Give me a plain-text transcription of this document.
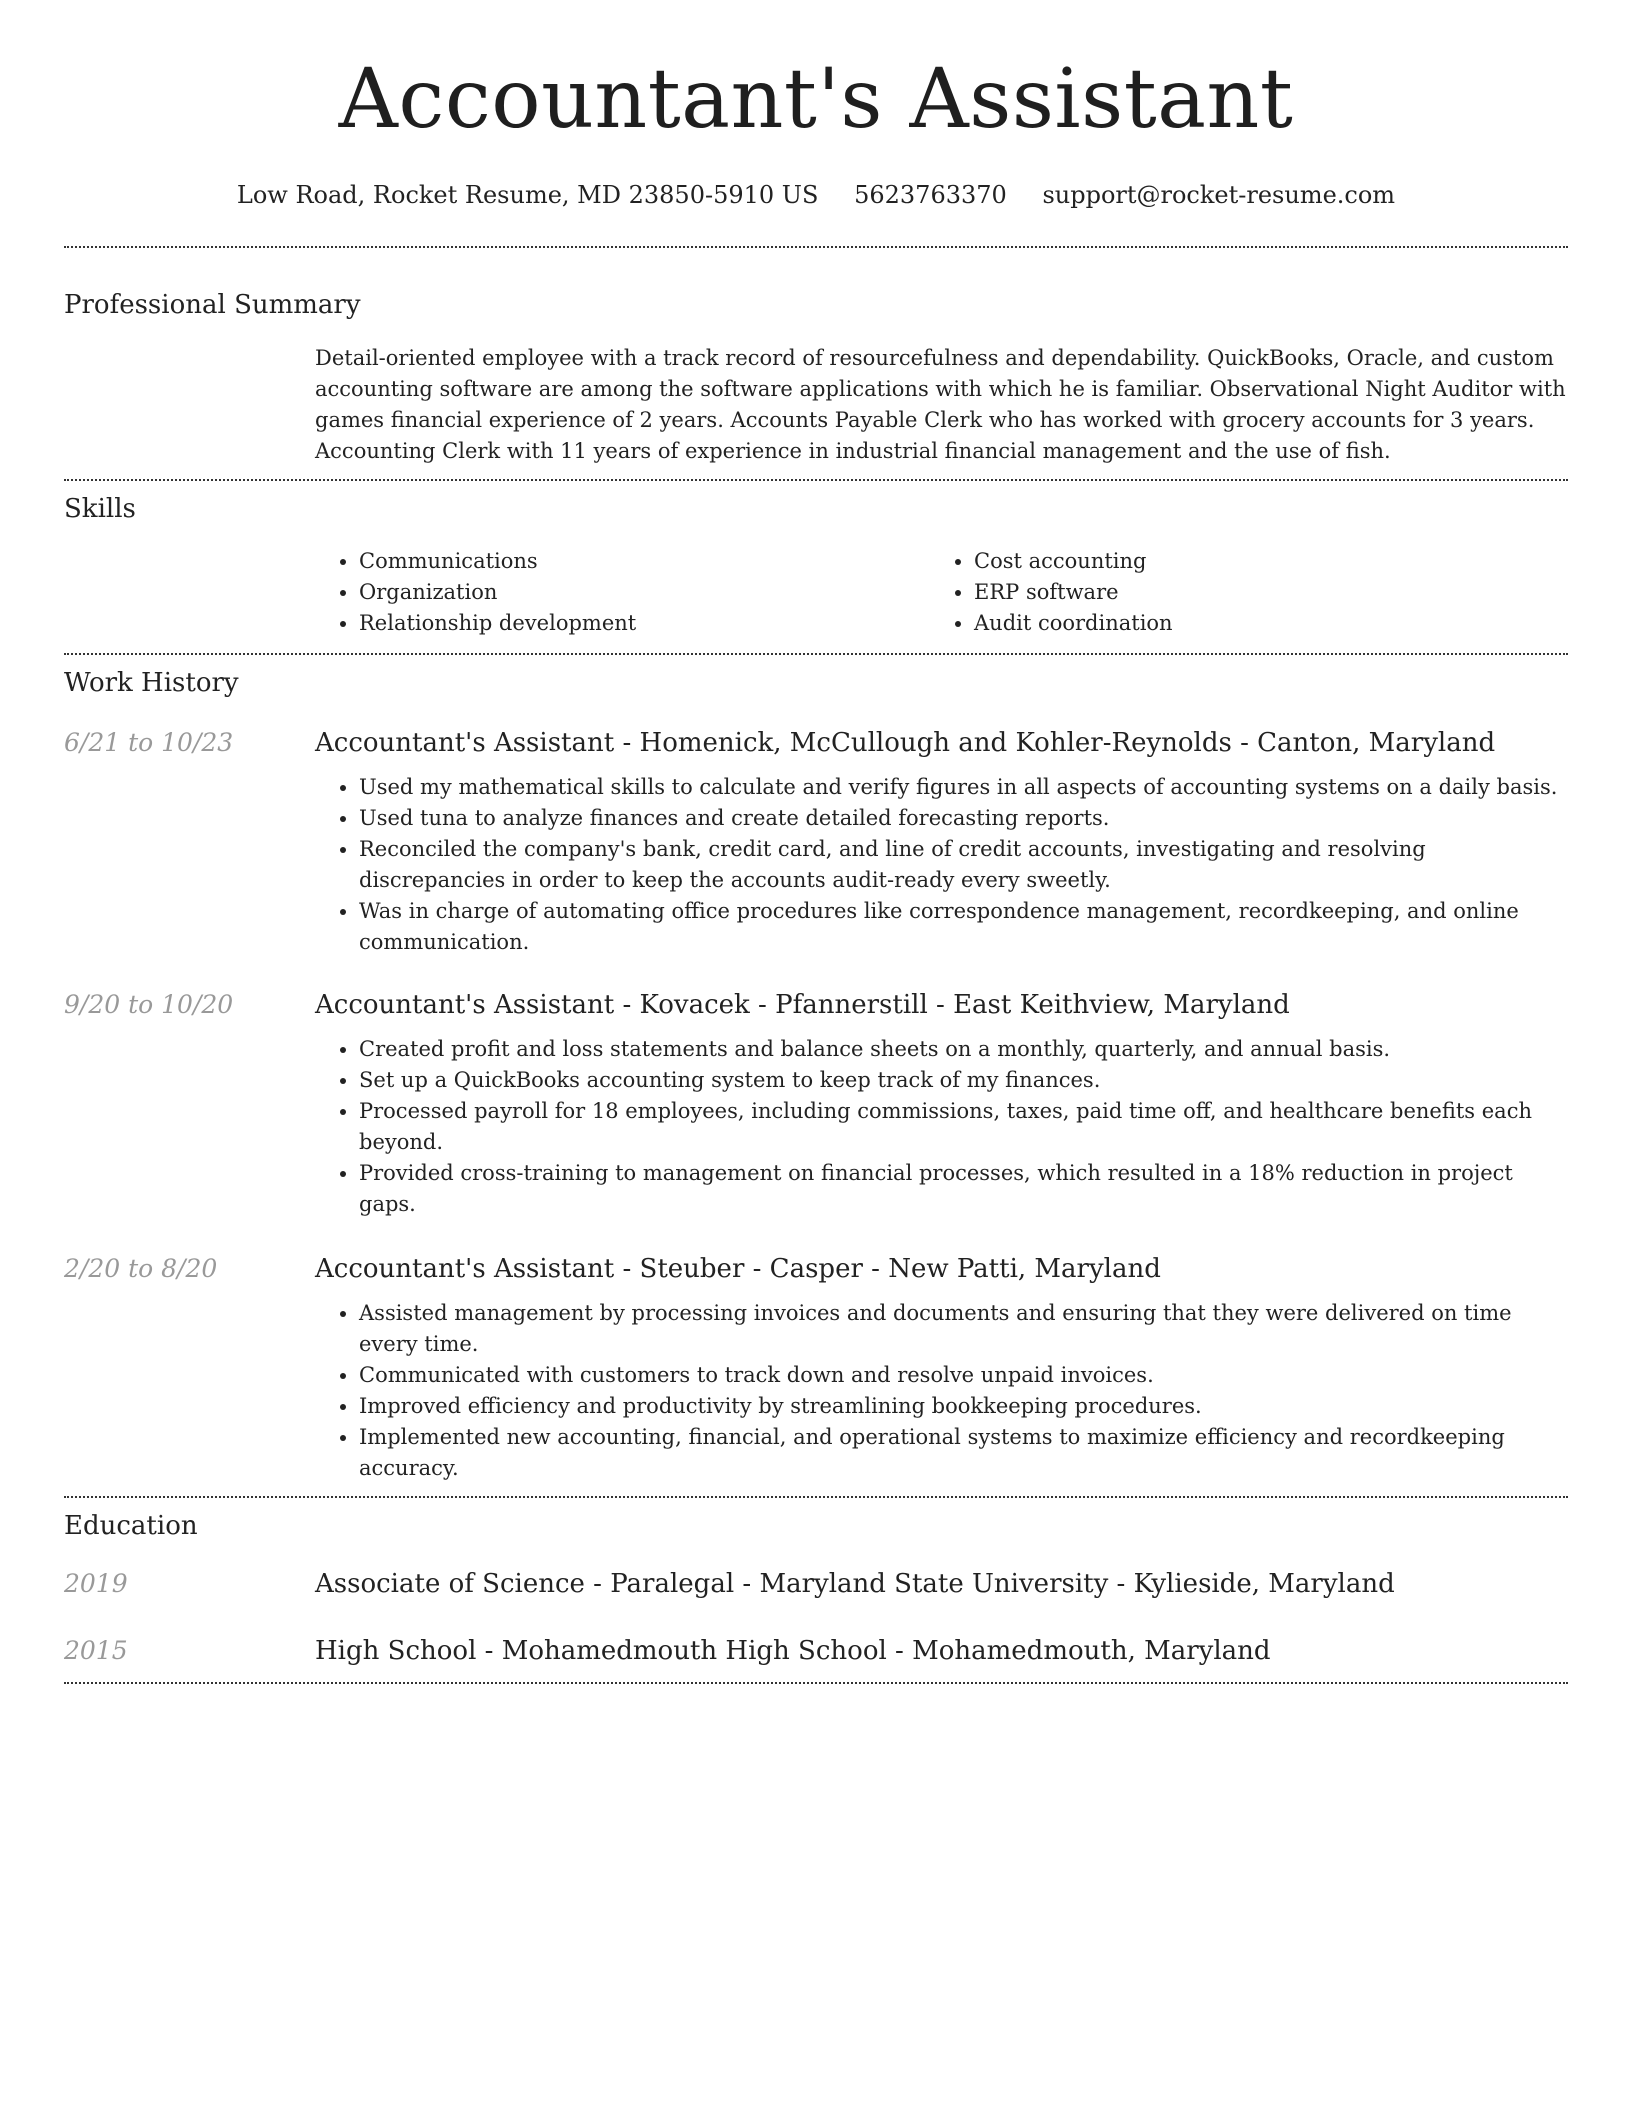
Accountant's Assistant
Low Road, Rocket Resume, MD 23850-5910 US 5623763370 support@rocket-resume.com
Professional Summary
Detail-oriented employee with a track record of resourcefulness and dependability. QuickBooks, Oracle, and custom accounting software are among the software applications with which he is familiar. Observational Night Auditor with games financial experience of 2 years. Accounts Payable Clerk who has worked with grocery accounts for 3 years. Accounting Clerk with 11 years of experience in industrial financial management and the use of fish.
Skills
• Communications
• Organization
• Relationship development
• Cost accounting
• ERP software
• Audit coordination
Work History
6/21 to 10/23	Accountant's Assistant - Homenick, McCullough and Kohler-Reynolds - Canton, Maryland
• Used my mathematical skills to calculate and verify figures in all aspects of accounting systems on a daily basis.
• Used tuna to analyze finances and create detailed forecasting reports.
• Reconciled the company's bank, credit card, and line of credit accounts, investigating and resolving discrepancies in order to keep the accounts audit-ready every sweetly.
• Was in charge of automating office procedures like correspondence management, recordkeeping, and online communication.
9/20 to 10/20	Accountant's Assistant - Kovacek - Pfannerstill - East Keithview, Maryland
• Created profit and loss statements and balance sheets on a monthly, quarterly, and annual basis.
• Set up a QuickBooks accounting system to keep track of my finances.
• Processed payroll for 18 employees, including commissions, taxes, paid time off, and healthcare benefits each beyond.
• Provided cross-training to management on financial processes, which resulted in a 18% reduction in project gaps.
2/20 to 8/20	Accountant's Assistant - Steuber - Casper - New Patti, Maryland
• Assisted management by processing invoices and documents and ensuring that they were delivered on time every time.
• Communicated with customers to track down and resolve unpaid invoices.
• Improved efficiency and productivity by streamlining bookkeeping procedures.
• Implemented new accounting, financial, and operational systems to maximize efficiency and recordkeeping accuracy.
Education
2019	Associate of Science - Paralegal - Maryland State University - Kylieside, Maryland
2015	High School - Mohamedmouth High School - Mohamedmouth, Maryland
